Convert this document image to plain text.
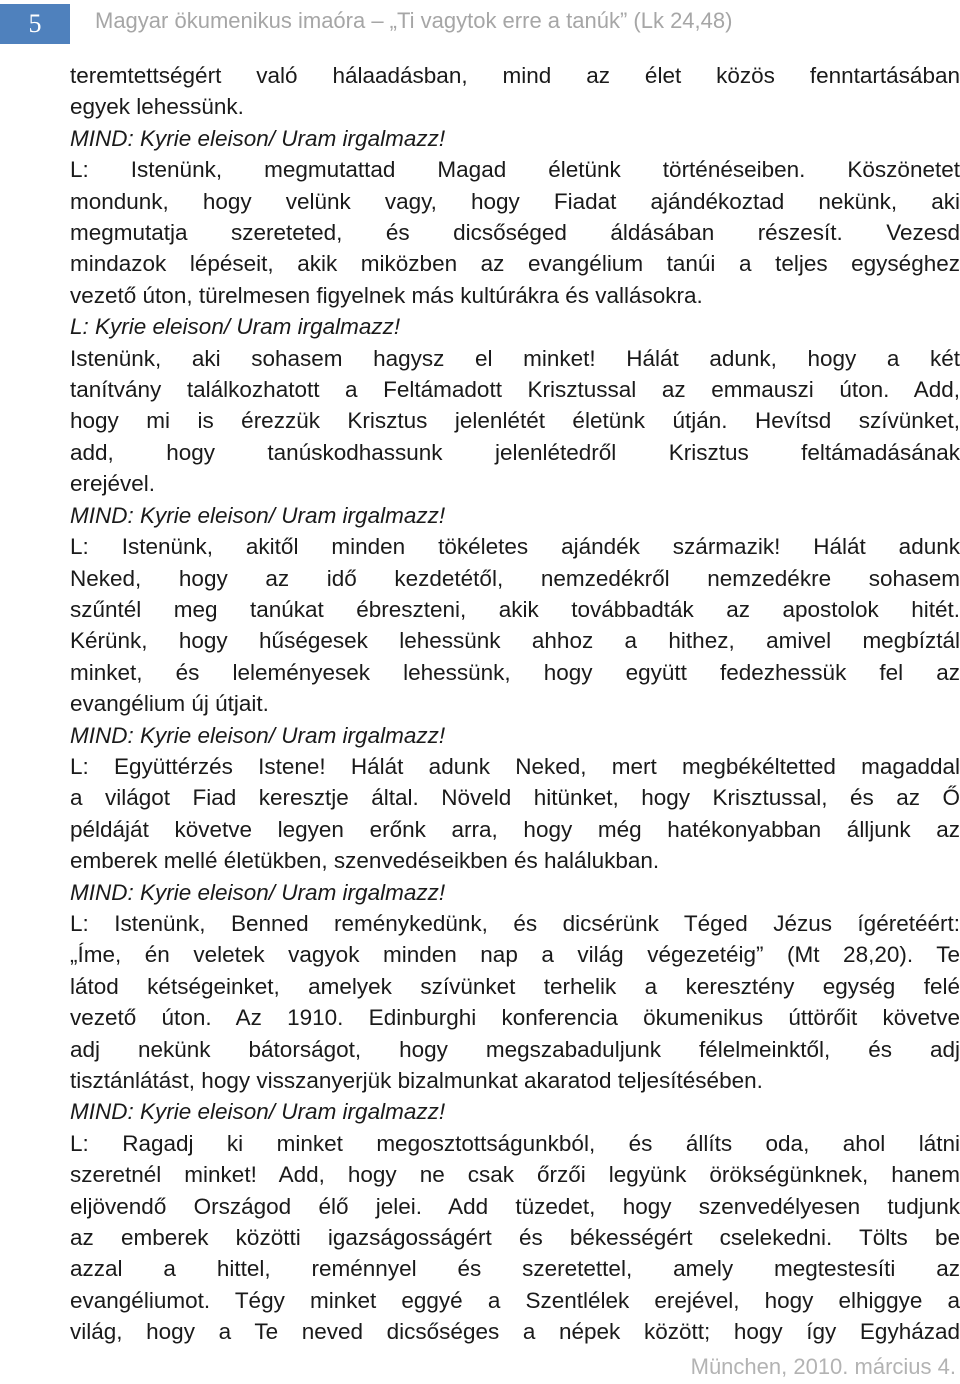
5	Magyar ökumenikus imaóra – „Ti vagytok erre a tanúk” (Lk 24,48)
teremtettségért való hálaadásban, mind az élet közös fenntartásában
egyek lehessünk.
MIND: Kyrie eleison/ Uram irgalmazz!
L: Istenünk, megmutattad Magad életünk történéseiben. Köszönetet
mondunk, hogy velünk vagy, hogy Fiadat ajándékoztad nekünk, aki
megmutatja szereteted, és dicsőséged áldásában részesít. Vezesd
mindazok lépéseit, akik miközben az evangélium tanúi a teljes egységhez
vezető úton, türelmesen figyelnek más kultúrákra és vallásokra.
L: Kyrie eleison/ Uram irgalmazz!
Istenünk, aki sohasem hagysz el minket! Hálát adunk, hogy a két
tanítvány találkozhatott a Feltámadott Krisztussal az emmauszi úton. Add,
hogy mi is érezzük Krisztus jelenlétét életünk útján. Hevítsd szívünket,
add, hogy tanúskodhassunk jelenlétedről Krisztus feltámadásának
erejével.
MIND: Kyrie eleison/ Uram irgalmazz!
L: Istenünk, akitől minden tökéletes ajándék származik! Hálát adunk
Neked, hogy az idő kezdetétől, nemzedékről nemzedékre sohasem
szűntél meg tanúkat ébreszteni, akik továbbadták az apostolok hitét.
Kérünk, hogy hűségesek lehessünk ahhoz a hithez, amivel megbíztál
minket, és leleményesek lehessünk, hogy együtt fedezhessük fel az
evangélium új útjait.
MIND: Kyrie eleison/ Uram irgalmazz!
L: Együttérzés Istene! Hálát adunk Neked, mert megbékéltetted magaddal
a világot Fiad keresztje által. Növeld hitünket, hogy Krisztussal, és az Ő
példáját követve legyen erőnk arra, hogy még hatékonyabban álljunk az
emberek mellé életükben, szenvedéseikben és halálukban.
MIND: Kyrie eleison/ Uram irgalmazz!
L: Istenünk, Benned reménykedünk, és dicsérünk Téged Jézus ígéretéért:
„Íme, én veletek vagyok minden nap a világ végezetéig” (Mt 28,20). Te
látod kétségeinket, amelyek szívünket terhelik a keresztény egység felé
vezető úton. Az 1910. Edinburghi konferencia ökumenikus úttörőit követve
adj nekünk bátorságot, hogy megszabaduljunk félelmeinktől, és adj
tisztánlátást, hogy visszanyerjük bizalmunkat akaratod teljesítésében.
MIND: Kyrie eleison/ Uram irgalmazz!
L: Ragadj ki minket megosztottságunkból, és állíts oda, ahol látni
szeretnél minket! Add, hogy ne csak őrzői legyünk örökségünknek, hanem
eljövendő Országod élő jelei. Add tüzedet, hogy szenvedélyesen tudjunk
az emberek közötti igazságosságért és békességért cselekedni. Tölts be
azzal a hittel, reménnyel és szeretettel, amely megtestesíti az
evangéliumot. Tégy minket eggyé a Szentlélek erejével, hogy elhiggye a
világ, hogy a Te neved dicsőséges a népek között; hogy így Egyházad
München, 2010. március 4.
